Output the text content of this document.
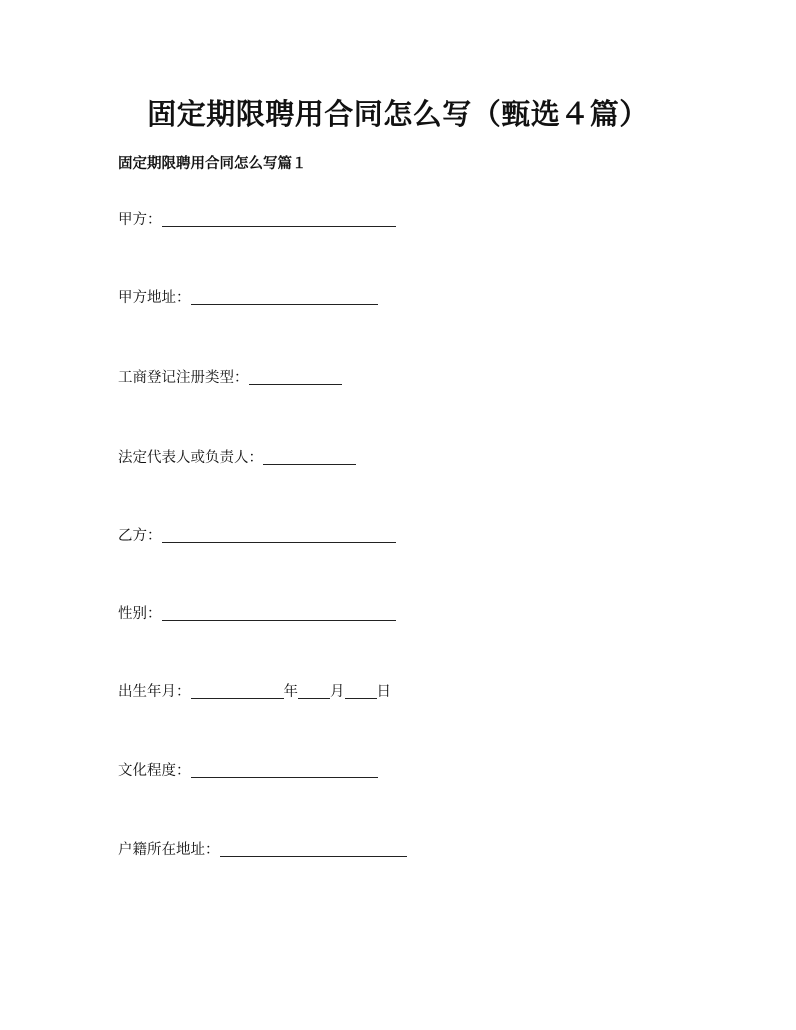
固定期限聘用合同怎么写（甄选４篇）
固定期限聘用合同怎么写篇１
甲方：
甲方地址：
工商登记注册类型：
法定代表人或负责人：
乙方：
性别：
出生年月：	年 月 日
文化程度：
户籍所在地址：
